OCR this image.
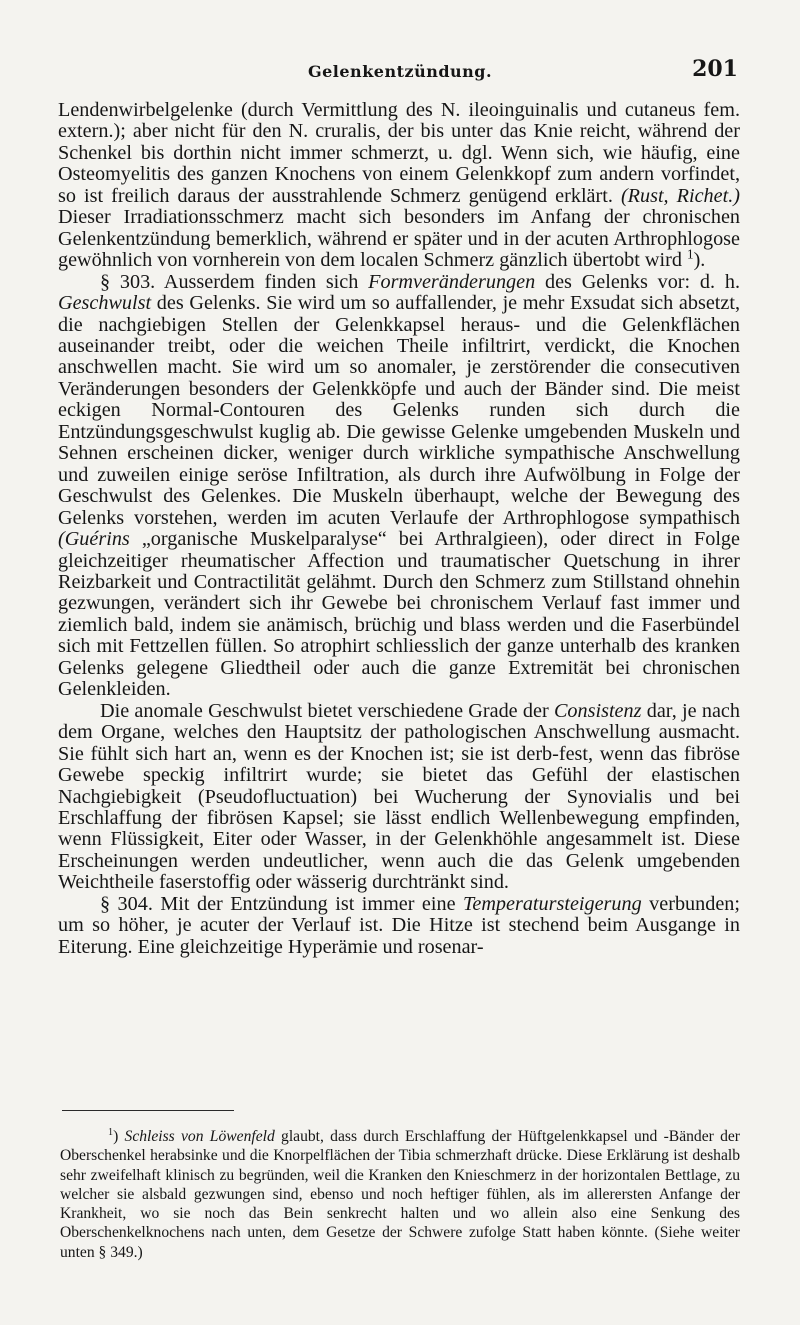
Gelenkentzündung.	201

Lendenwirbelgelenke (durch Vermittlung des N. ileoinguinalis und cutaneus fem. extern.); aber nicht für den N. cruralis, der bis unter das Knie reicht, während der Schenkel bis dorthin nicht immer schmerzt, u. dgl. Wenn sich, wie häufig, eine Osteomyelitis des ganzen Knochens von einem Gelenkkopf zum andern vorfindet, so ist freilich daraus der ausstrahlende Schmerz genügend erklärt. (Rust, Richet.) Dieser Irradiationsschmerz macht sich besonders im Anfang der chronischen Gelenkentzündung bemerklich, während er später und in der acuten Arthrophlogose gewöhnlich von vornherein von dem localen Schmerz gänzlich übertobt wird $^1$).

§ 303. Ausserdem finden sich Formveränderungen des Gelenks vor: d. h. Geschwulst des Gelenks. Sie wird um so auffallender, je mehr Exsudat sich absetzt, die nachgiebigen Stellen der Gelenkkapsel heraus- und die Gelenkflächen auseinander treibt, oder die weichen Theile infiltrirt, verdickt, die Knochen anschwellen macht. Sie wird um so anomaler, je zerstörender die consecutiven Veränderungen besonders der Gelenkköpfe und auch der Bänder sind. Die meist eckigen Normal-Contouren des Gelenks runden sich durch die Entzündungsgeschwulst kuglig ab. Die gewisse Gelenke umgebenden Muskeln und Sehnen erscheinen dicker, weniger durch wirkliche sympathische Anschwellung und zuweilen einige seröse Infiltration, als durch ihre Aufwölbung in Folge der Geschwulst des Gelenkes. Die Muskeln überhaupt, welche der Bewegung des Gelenks vorstehen, werden im acuten Verlaufe der Arthrophlogose sympathisch (Guérins „organische Muskelparalyse“ bei Arthralgieen), oder direct in Folge gleichzeitiger rheumatischer Affection und traumatischer Quetschung in ihrer Reizbarkeit und Contractilität gelähmt. Durch den Schmerz zum Stillstand ohnehin gezwungen, verändert sich ihr Gewebe bei chronischem Verlauf fast immer und ziemlich bald, indem sie anämisch, brüchig und blass werden und die Faserbündel sich mit Fettzellen füllen. So atrophirt schliesslich der ganze unterhalb des kranken Gelenks gelegene Gliedtheil oder auch die ganze Extremität bei chronischen Gelenkleiden.

Die anomale Geschwulst bietet verschiedene Grade der Consistenz dar, je nach dem Organe, welches den Hauptsitz der pathologischen Anschwellung ausmacht. Sie fühlt sich hart an, wenn es der Knochen ist; sie ist derb-fest, wenn das fibröse Gewebe speckig infiltrirt wurde; sie bietet das Gefühl der elastischen Nachgiebigkeit (Pseudofluctuation) bei Wucherung der Synovialis und bei Erschlaffung der fibrösen Kapsel; sie lässt endlich Wellenbewegung empfinden, wenn Flüssigkeit, Eiter oder Wasser, in der Gelenkhöhle angesammelt ist. Diese Erscheinungen werden undeutlicher, wenn auch die das Gelenk umgebenden Weichtheile faserstoffig oder wässerig durchtränkt sind.

§ 304. Mit der Entzündung ist immer eine Temperatursteigerung verbunden; um so höher, je acuter der Verlauf ist. Die Hitze ist stechend beim Ausgange in Eiterung. Eine gleichzeitige Hyperämie und rosenar-

$^1$) Schleiss von Löwenfeld glaubt, dass durch Erschlaffung der Hüftgelenkkapsel und -Bänder der Oberschenkel herabsinke und die Knorpelflächen der Tibia schmerzhaft drücke. Diese Erklärung ist deshalb sehr zweifelhaft klinisch zu begründen, weil die Kranken den Knieschmerz in der horizontalen Bettlage, zu welcher sie alsbald gezwungen sind, ebenso und noch heftiger fühlen, als im allerersten Anfange der Krankheit, wo sie noch das Bein senkrecht halten und wo allein also eine Senkung des Oberschenkelknochens nach unten, dem Gesetze der Schwere zufolge Statt haben könnte. (Siehe weiter unten § 349.)
